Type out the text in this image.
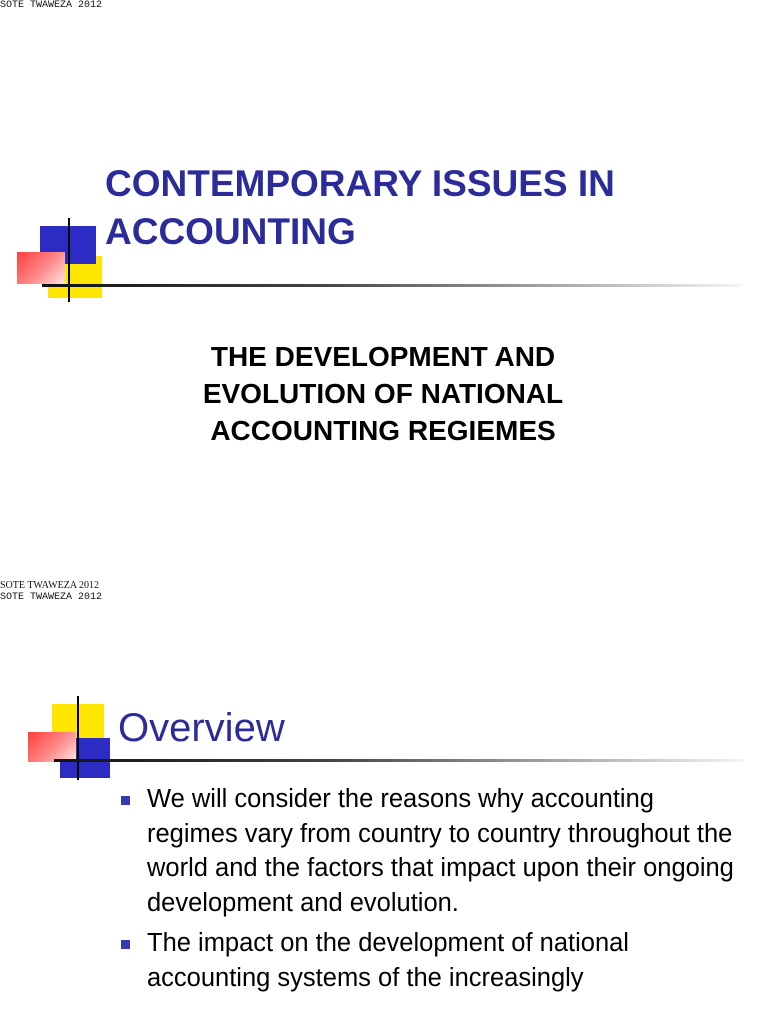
SOTE TWAWEZA 2012
CONTEMPORARY ISSUES IN
ACCOUNTING
THE DEVELOPMENT AND
EVOLUTION OF NATIONAL
ACCOUNTING REGIEMES
SOTE TWAWEZA 2012
SOTE TWAWEZA 2012
Overview
We will consider the reasons why accounting regimes vary from country to country throughout the world and the factors that impact upon their ongoing development and evolution.
The impact on the development of national accounting systems of the increasingly
